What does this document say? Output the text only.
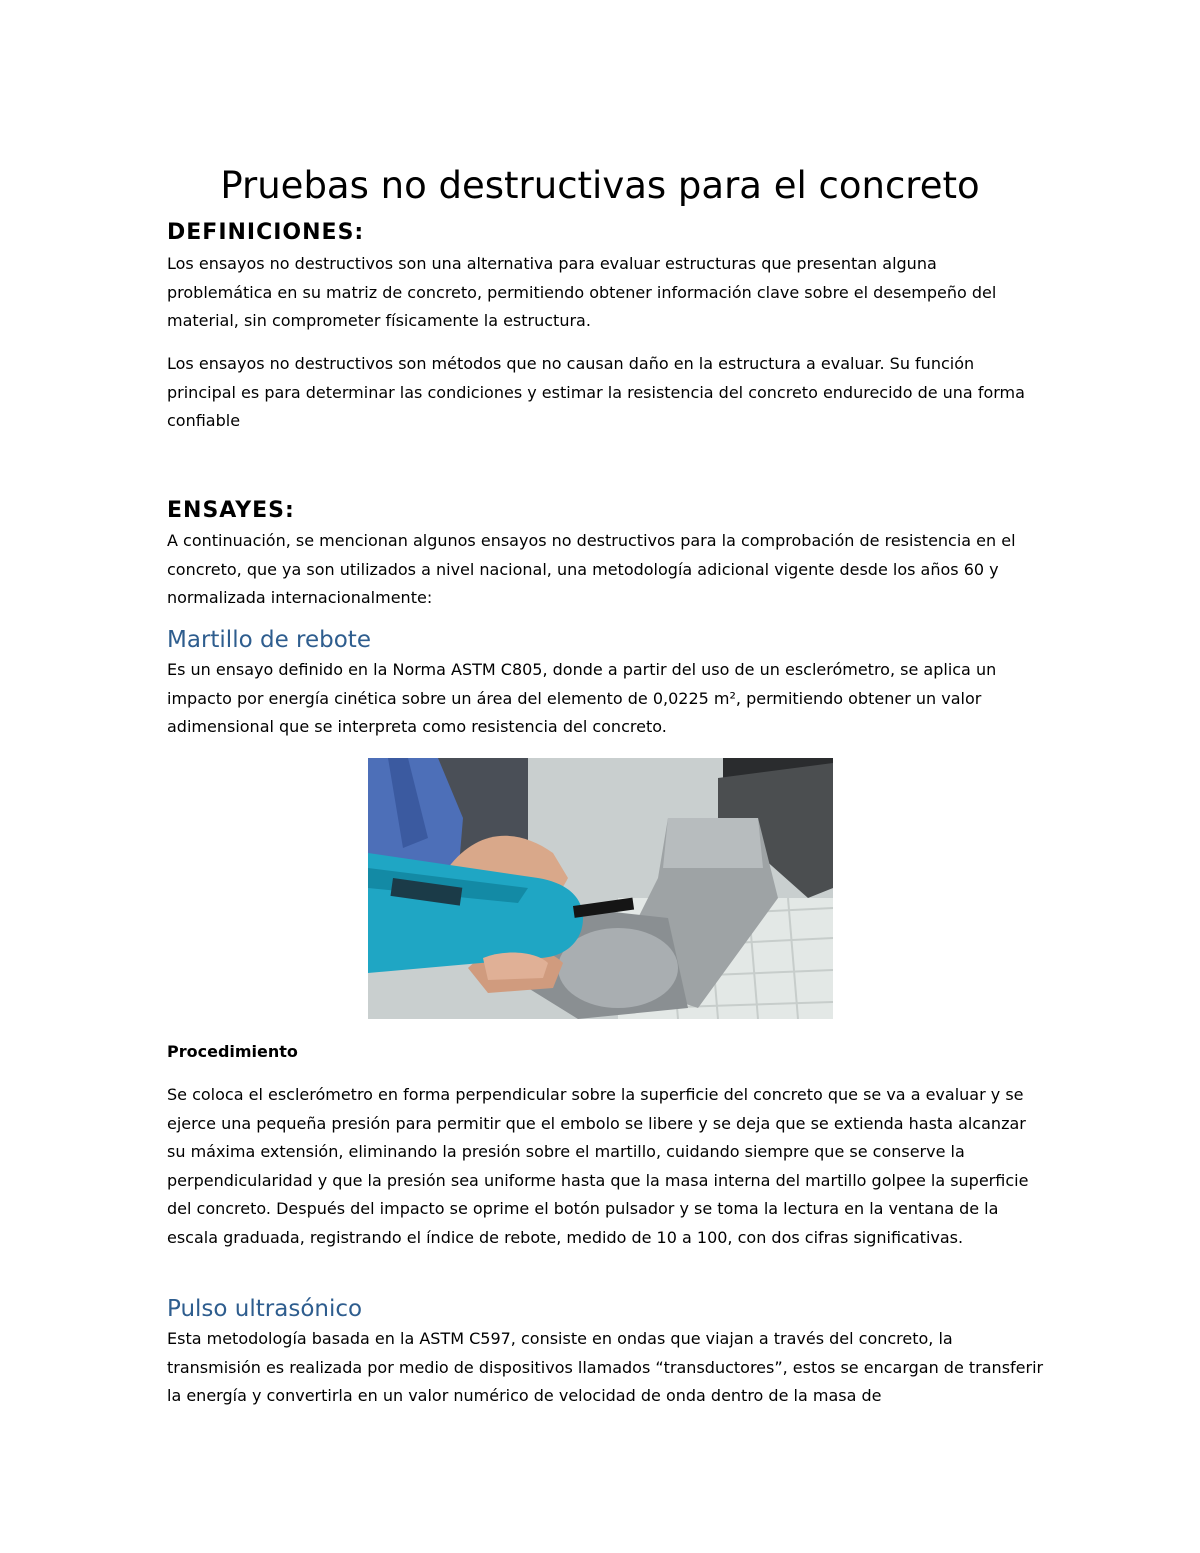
Pruebas no destructivas para el concreto
DEFINICIONES:

Los ensayos no destructivos son una alternativa para evaluar estructuras que presentan alguna problemática en su matriz de concreto, permitiendo obtener información clave sobre el desempeño del material, sin comprometer físicamente la estructura.

Los ensayos no destructivos son métodos que no causan daño en la estructura a evaluar. Su función principal es para determinar las condiciones y estimar la resistencia del concreto endurecido de una forma confiable

ENSAYES:

A continuación, se mencionan algunos ensayos no destructivos para la comprobación de resistencia en el concreto, que ya son utilizados a nivel nacional, una metodología adicional vigente desde los años 60 y normalizada internacionalmente:

Martillo de rebote

Es un ensayo definido en la Norma ASTM C805, donde a partir del uso de un esclerómetro, se aplica un impacto por energía cinética sobre un área del elemento de 0,0225 m², permitiendo obtener un valor adimensional que se interpreta como resistencia del concreto.

Procedimiento

Se coloca el esclerómetro en forma perpendicular sobre la superficie del concreto que se va a evaluar y se ejerce una pequeña presión para permitir que el embolo se libere y se deja que se extienda hasta alcanzar su máxima extensión, eliminando la presión sobre el martillo, cuidando siempre que se conserve la perpendicularidad y que la presión sea uniforme hasta que la masa interna del martillo golpee la superficie del concreto. Después del impacto se oprime el botón pulsador y se toma la lectura en la ventana de la escala graduada, registrando el índice de rebote, medido de 10 a 100, con dos cifras significativas.

Pulso ultrasónico

Esta metodología basada en la ASTM C597, consiste en ondas que viajan a través del concreto, la transmisión es realizada por medio de dispositivos llamados “transductores”, estos se encargan de transferir la energía y convertirla en un valor numérico de velocidad de onda dentro de la masa de
